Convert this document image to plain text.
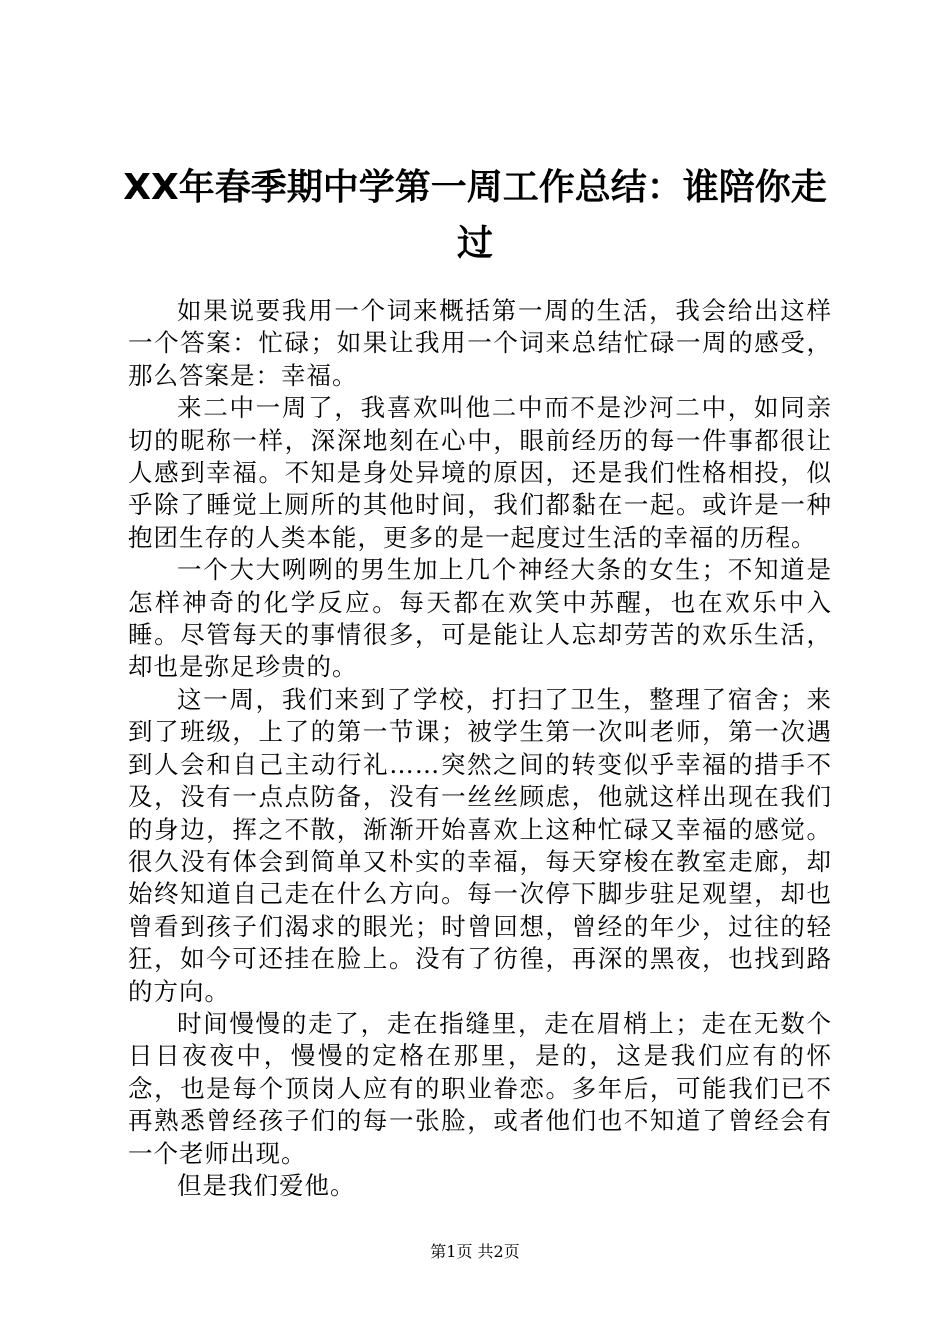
XX年春季期中学第一周工作总结：谁陪你走过

如果说要我用一个词来概括第一周的生活，我会给出这样一个答案：忙碌；如果让我用一个词来总结忙碌一周的感受，那么答案是：幸福。

来二中一周了，我喜欢叫他二中而不是沙河二中，如同亲切的昵称一样，深深地刻在心中，眼前经历的每一件事都很让人感到幸福。不知是身处异境的原因，还是我们性格相投，似乎除了睡觉上厕所的其他时间，我们都黏在一起。或许是一种抱团生存的人类本能，更多的是一起度过生活的幸福的历程。

一个大大咧咧的男生加上几个神经大条的女生；不知道是怎样神奇的化学反应。每天都在欢笑中苏醒，也在欢乐中入睡。尽管每天的事情很多，可是能让人忘却劳苦的欢乐生活，却也是弥足珍贵的。

这一周，我们来到了学校，打扫了卫生，整理了宿舍；来到了班级，上了的第一节课；被学生第一次叫老师，第一次遇到人会和自己主动行礼……突然之间的转变似乎幸福的措手不及，没有一点点防备，没有一丝丝顾虑，他就这样出现在我们的身边，挥之不散，渐渐开始喜欢上这种忙碌又幸福的感觉。很久没有体会到简单又朴实的幸福，每天穿梭在教室走廊，却始终知道自己走在什么方向。每一次停下脚步驻足观望，却也曾看到孩子们渴求的眼光；时曾回想，曾经的年少，过往的轻狂，如今可还挂在脸上。没有了彷徨，再深的黑夜，也找到路的方向。

时间慢慢的走了，走在指缝里，走在眉梢上；走在无数个日日夜夜中，慢慢的定格在那里，是的，这是我们应有的怀念，也是每个顶岗人应有的职业眷恋。多年后，可能我们已不再熟悉曾经孩子们的每一张脸，或者他们也不知道了曾经会有一个老师出现。

但是我们爱他。

第1页 共2页
